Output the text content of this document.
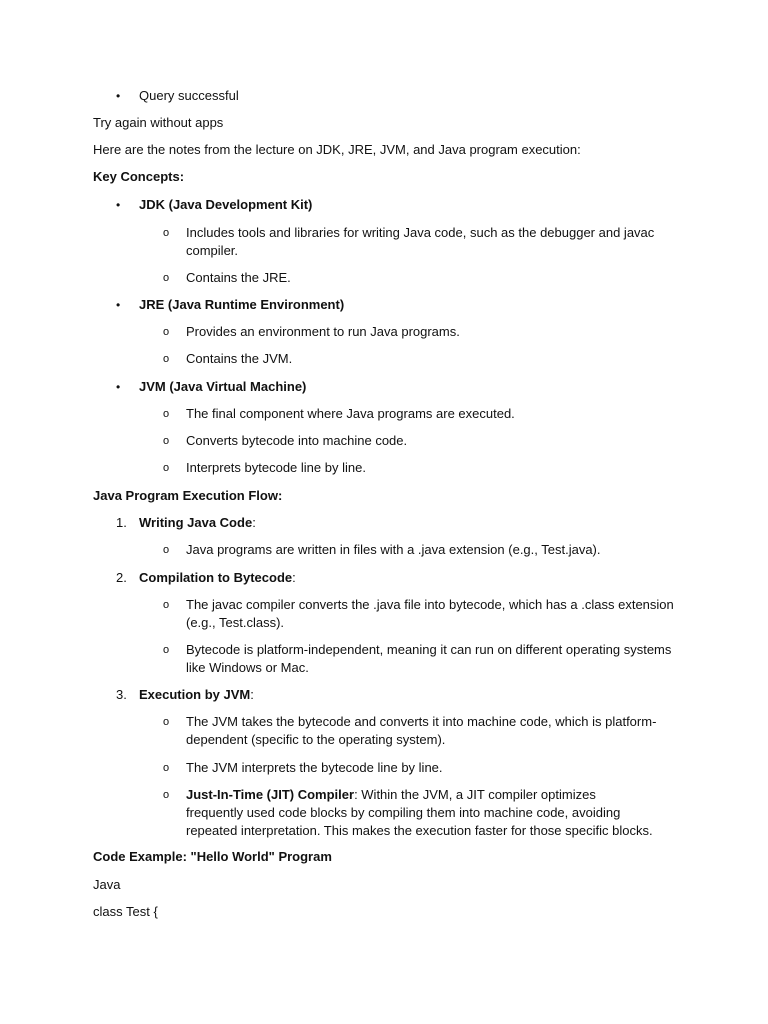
• Query successful
Try again without apps
Here are the notes from the lecture on JDK, JRE, JVM, and Java program execution:
Key Concepts:
• JDK (Java Development Kit)
o Includes tools and libraries for writing Java code, such as the debugger and javac compiler.
o Contains the JRE.
• JRE (Java Runtime Environment)
o Provides an environment to run Java programs.
o Contains the JVM.
• JVM (Java Virtual Machine)
o The final component where Java programs are executed.
o Converts bytecode into machine code.
o Interprets bytecode line by line.
Java Program Execution Flow:
1. Writing Java Code:
o Java programs are written in files with a .java extension (e.g., Test.java).
2. Compilation to Bytecode:
o The javac compiler converts the .java file into bytecode, which has a .class extension (e.g., Test.class).
o Bytecode is platform-independent, meaning it can run on different operating systems like Windows or Mac.
3. Execution by JVM:
o The JVM takes the bytecode and converts it into machine code, which is platform-dependent (specific to the operating system).
o The JVM interprets the bytecode line by line.
o Just-In-Time (JIT) Compiler: Within the JVM, a JIT compiler optimizes frequently used code blocks by compiling them into machine code, avoiding repeated interpretation. This makes the execution faster for those specific blocks.
Code Example: "Hello World" Program
Java
class Test {
